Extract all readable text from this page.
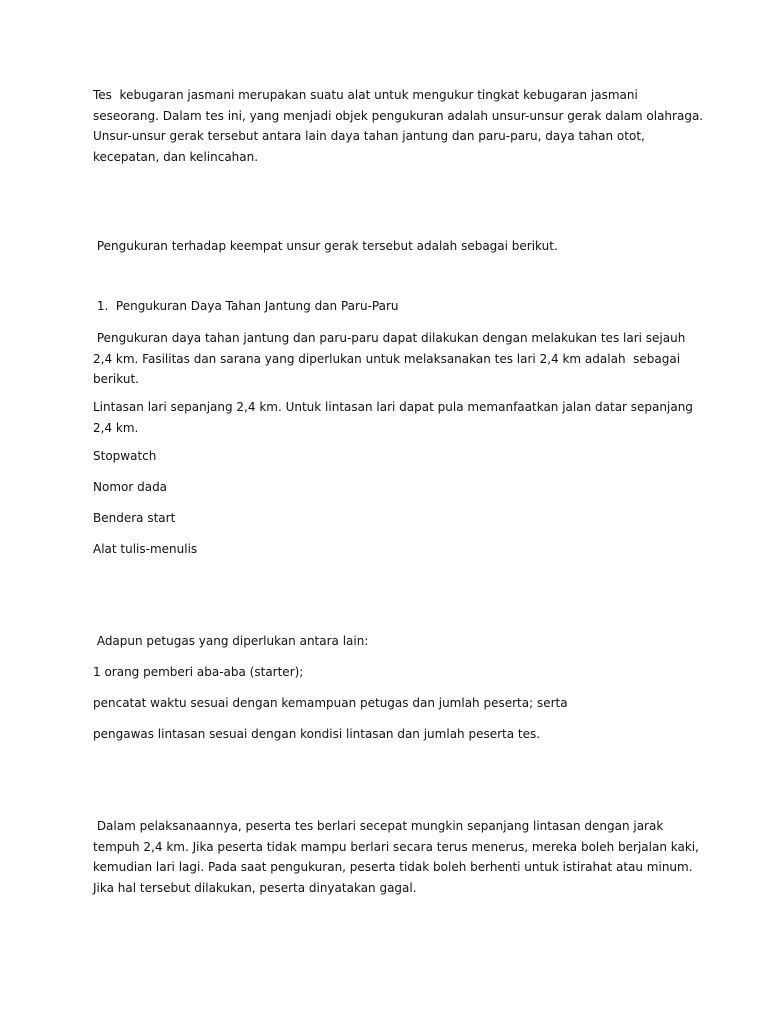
Tes  kebugaran jasmani merupakan suatu alat untuk mengukur tingkat kebugaran jasmani
seseorang. Dalam tes ini, yang menjadi objek pengukuran adalah unsur-unsur gerak dalam olahraga.
Unsur-unsur gerak tersebut antara lain daya tahan jantung dan paru-paru, daya tahan otot,
kecepatan, dan kelincahan.
Pengukuran terhadap keempat unsur gerak tersebut adalah sebagai berikut.
1.  Pengukuran Daya Tahan Jantung dan Paru-Paru
Pengukuran daya tahan jantung dan paru-paru dapat dilakukan dengan melakukan tes lari sejauh
2,4 km. Fasilitas dan sarana yang diperlukan untuk melaksanakan tes lari 2,4 km adalah  sebagai
berikut.
Lintasan lari sepanjang 2,4 km. Untuk lintasan lari dapat pula memanfaatkan jalan datar sepanjang
2,4 km.
Stopwatch
Nomor dada
Bendera start
Alat tulis-menulis
Adapun petugas yang diperlukan antara lain:
1 orang pemberi aba-aba (starter);
pencatat waktu sesuai dengan kemampuan petugas dan jumlah peserta; serta
pengawas lintasan sesuai dengan kondisi lintasan dan jumlah peserta tes.
Dalam pelaksanaannya, peserta tes berlari secepat mungkin sepanjang lintasan dengan jarak
tempuh 2,4 km. Jika peserta tidak mampu berlari secara terus menerus, mereka boleh berjalan kaki,
kemudian lari lagi. Pada saat pengukuran, peserta tidak boleh berhenti untuk istirahat atau minum.
Jika hal tersebut dilakukan, peserta dinyatakan gagal.
